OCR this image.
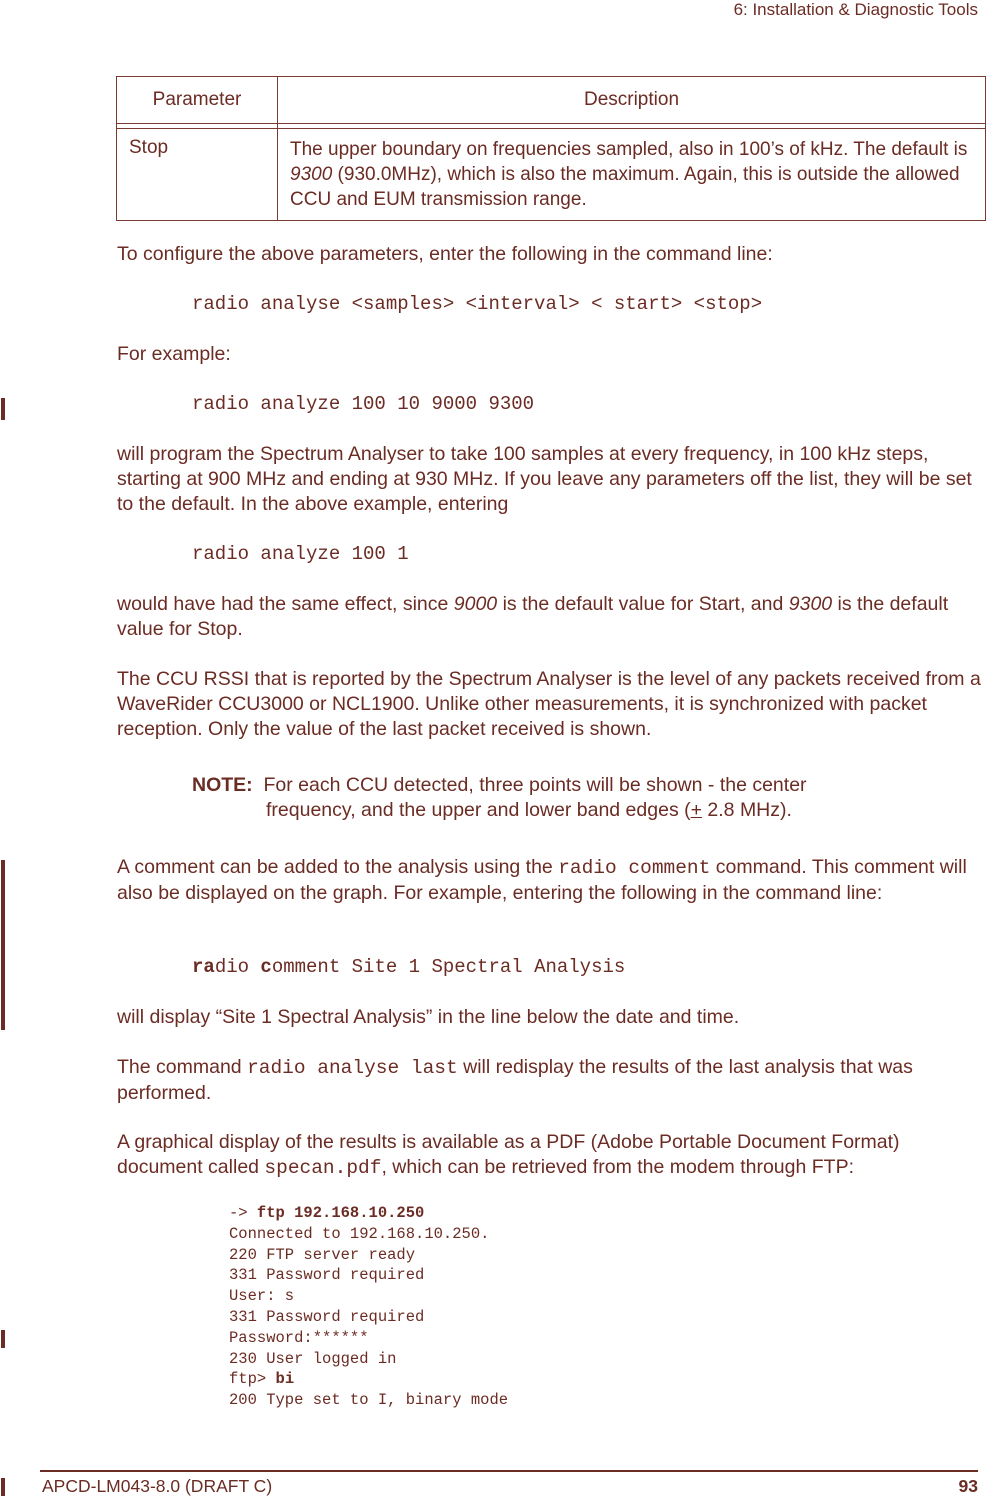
6: Installation & Diagnostic Tools
Parameter	Description

Stop	The upper boundary on frequencies sampled, also in 100’s of kHz. The default is 9300 (930.0MHz), which is also the maximum. Again, this is outside the allowed CCU and EUM transmission range.
To configure the above parameters, enter the following in the command line:
radio analyse <samples> <interval> < start> <stop>
For example:
radio analyze 100 10 9000 9300
will program the Spectrum Analyser to take 100 samples at every frequency, in 100 kHz steps, starting at 900 MHz and ending at 930 MHz. If you leave any parameters off the list, they will be set to the default. In the above example, entering
radio analyze 100 1
would have had the same effect, since 9000 is the default value for Start, and 9300 is the default value for Stop.
The CCU RSSI that is reported by the Spectrum Analyser is the level of any packets received from a WaveRider CCU3000 or NCL1900. Unlike other measurements, it is synchronized with packet reception. Only the value of the last packet received is shown.
NOTE: For each CCU detected, three points will be shown - the center
frequency, and the upper and lower band edges (+ 2.8 MHz).
A comment can be added to the analysis using the radio comment command. This comment will also be displayed on the graph. For example, entering the following in the command line:
radio comment Site 1 Spectral Analysis
will display “Site 1 Spectral Analysis” in the line below the date and time.
The command radio analyse last will redisplay the results of the last analysis that was performed.
A graphical display of the results is available as a PDF (Adobe Portable Document Format) document called specan.pdf, which can be retrieved from the modem through FTP:
-> ftp 192.168.10.250
Connected to 192.168.10.250.
220 FTP server ready
331 Password required
User: s
331 Password required
Password:******
230 User logged in
ftp> bi
200 Type set to I, binary mode
APCD-LM043-8.0 (DRAFT C)	93
